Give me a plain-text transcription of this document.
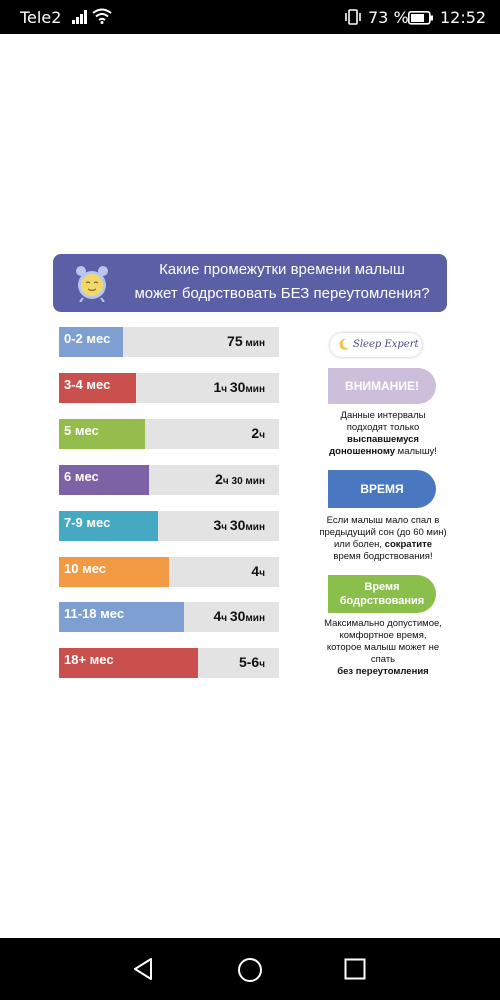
Tele2	73 % 12:52
Какие промежутки времени малыш
может бодрствовать БЕЗ переутомления?
0-2 мес	75 мин
3-4 мес	1ч 30мин
5 мес	2ч
6 мес	2ч 30 мин
7-9 мес	3ч 30мин
10 мес	4ч
11-18 мес	4ч 30мин
18+ мес	5-6ч
Sleep Expert
ВНИМАНИЕ!
Данные интервалы
подходят только
выспавшемуся
доношенному малышу!
ВРЕМЯ
Если малыш мало спал в
предыдущий сон (до 60 мин)
или болен, сократите
время бодрствования!
Время
бодрствования
Максимально допустимое,
комфортное время,
которое малыш может не
спать
без переутомления
